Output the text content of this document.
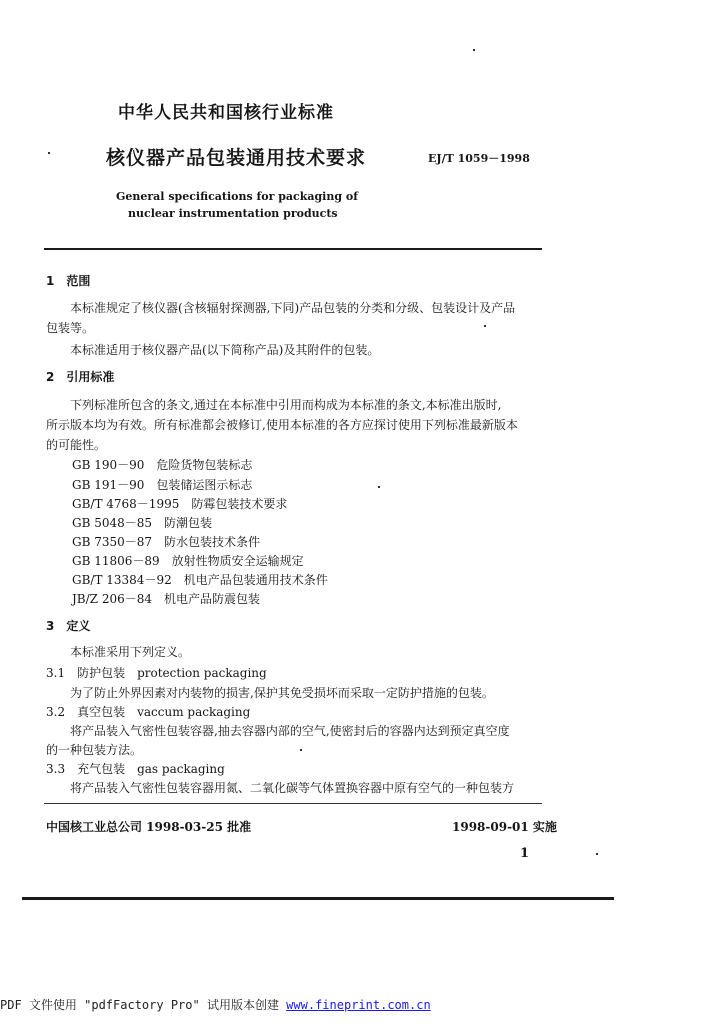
中华人民共和国核行业标准
核仪器产品包装通用技术要求	EJ/T 1059－1998
General specifications for packaging of
nuclear instrumentation products
1　范围
本标准规定了核仪器(含核辐射探测器,下同)产品包装的分类和分级、包装设计及产品
包装等。
本标准适用于核仪器产品(以下简称产品)及其附件的包装。
2　引用标准
下列标准所包含的条文,通过在本标准中引用而构成为本标准的条文,本标准出版时,
所示版本均为有效。所有标准都会被修订,使用本标准的各方应探讨使用下列标准最新版本
的可能性。
GB 190－90　危险货物包装标志
GB 191－90　包装储运图示标志
GB/T 4768－1995　防霉包装技术要求
GB 5048－85　防潮包装
GB 7350－87　防水包装技术条件
GB 11806－89　放射性物质安全运输规定
GB/T 13384－92　机电产品包装通用技术条件
JB/Z 206－84　机电产品防震包装
3　定义
本标准采用下列定义。
3.1　防护包装　protection packaging
为了防止外界因素对内装物的损害,保护其免受损坏而采取一定防护措施的包装。
3.2　真空包装　vaccum packaging
将产品装入气密性包装容器,抽去容器内部的空气,使密封后的容器内达到预定真空度
的一种包装方法。
3.3　充气包装　gas packaging
将产品装入气密性包装容器用氮、二氧化碳等气体置换容器中原有空气的一种包装方
中国核工业总公司 1998-03-25 批准	1998-09-01 实施
1
PDF 文件使用 "pdfFactory Pro" 试用版本创建 www.fineprint.com.cn
